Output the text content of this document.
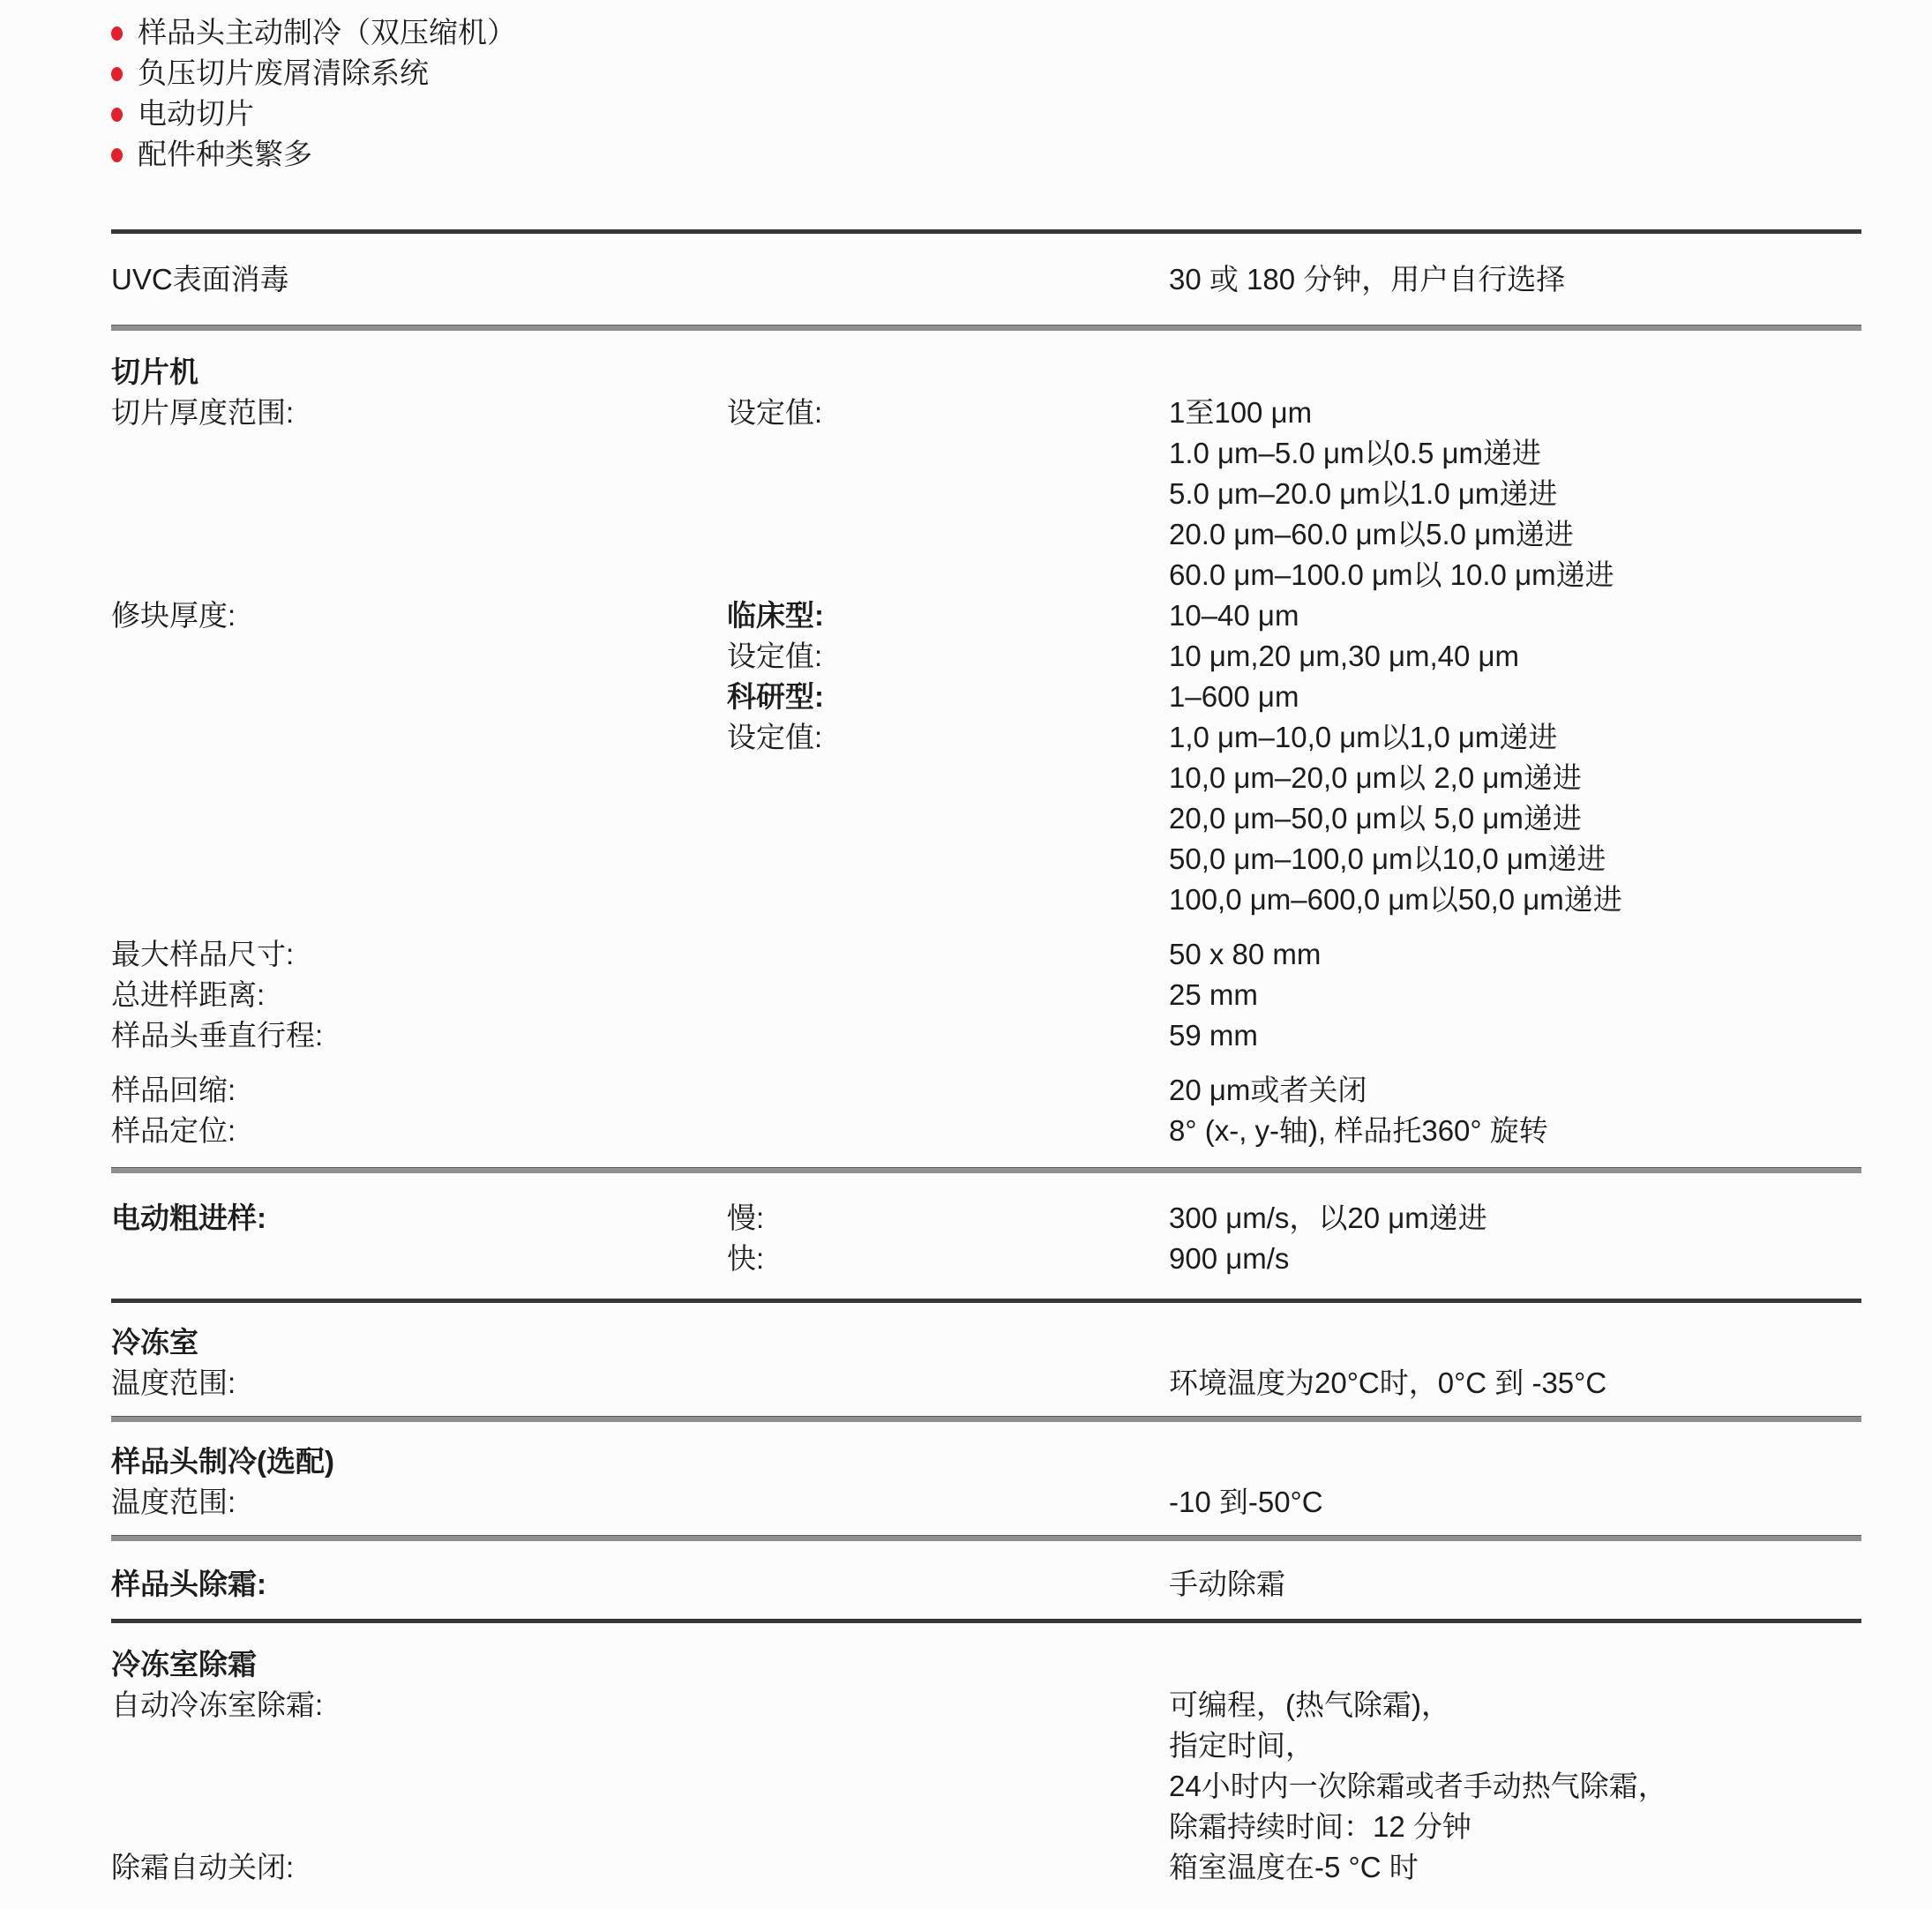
样品头主动制冷（双压缩机）
负压切片废屑清除系统
电动切片
配件种类繁多
UVC表面消毒	30 或 180 分钟，用户自行选择
切片机
切片厚度范围:	设定值:	1至100 μm
1.0 μm–5.0 μm以0.5 μm递进
5.0 μm–20.0 μm以1.0 μm递进
20.0 μm–60.0 μm以5.0 μm递进
60.0 μm–100.0 μm以 10.0 μm递进
修块厚度:	临床型:	10–40 μm
设定值:	10 μm,20 μm,30 μm,40 μm
科研型:	1–600 μm
设定值:	1,0 μm–10,0 μm以1,0 μm递进
10,0 μm–20,0 μm以 2,0 μm递进
20,0 μm–50,0 μm以 5,0 μm递进
50,0 μm–100,0 μm以10,0 μm递进
100,0 μm–600,0 μm以50,0 μm递进
最大样品尺寸:	50 x 80 mm
总进样距离:	25 mm
样品头垂直行程:	59 mm
样品回缩:	20 μm或者关闭
样品定位:	8° (x-, y-轴), 样品托360° 旋转
电动粗进样:	慢:	300 μm/s，以20 μm递进
快:	900 μm/s
冷冻室
温度范围:	环境温度为20°C时，0°C 到 -35°C
样品头制冷(选配)
温度范围:	-10 到-50°C
样品头除霜:	手动除霜
冷冻室除霜
自动冷冻室除霜:	可编程，(热气除霜)，
指定时间，
24小时内一次除霜或者手动热气除霜，
除霜持续时间：12 分钟
除霜自动关闭:	箱室温度在-5 °C 时
